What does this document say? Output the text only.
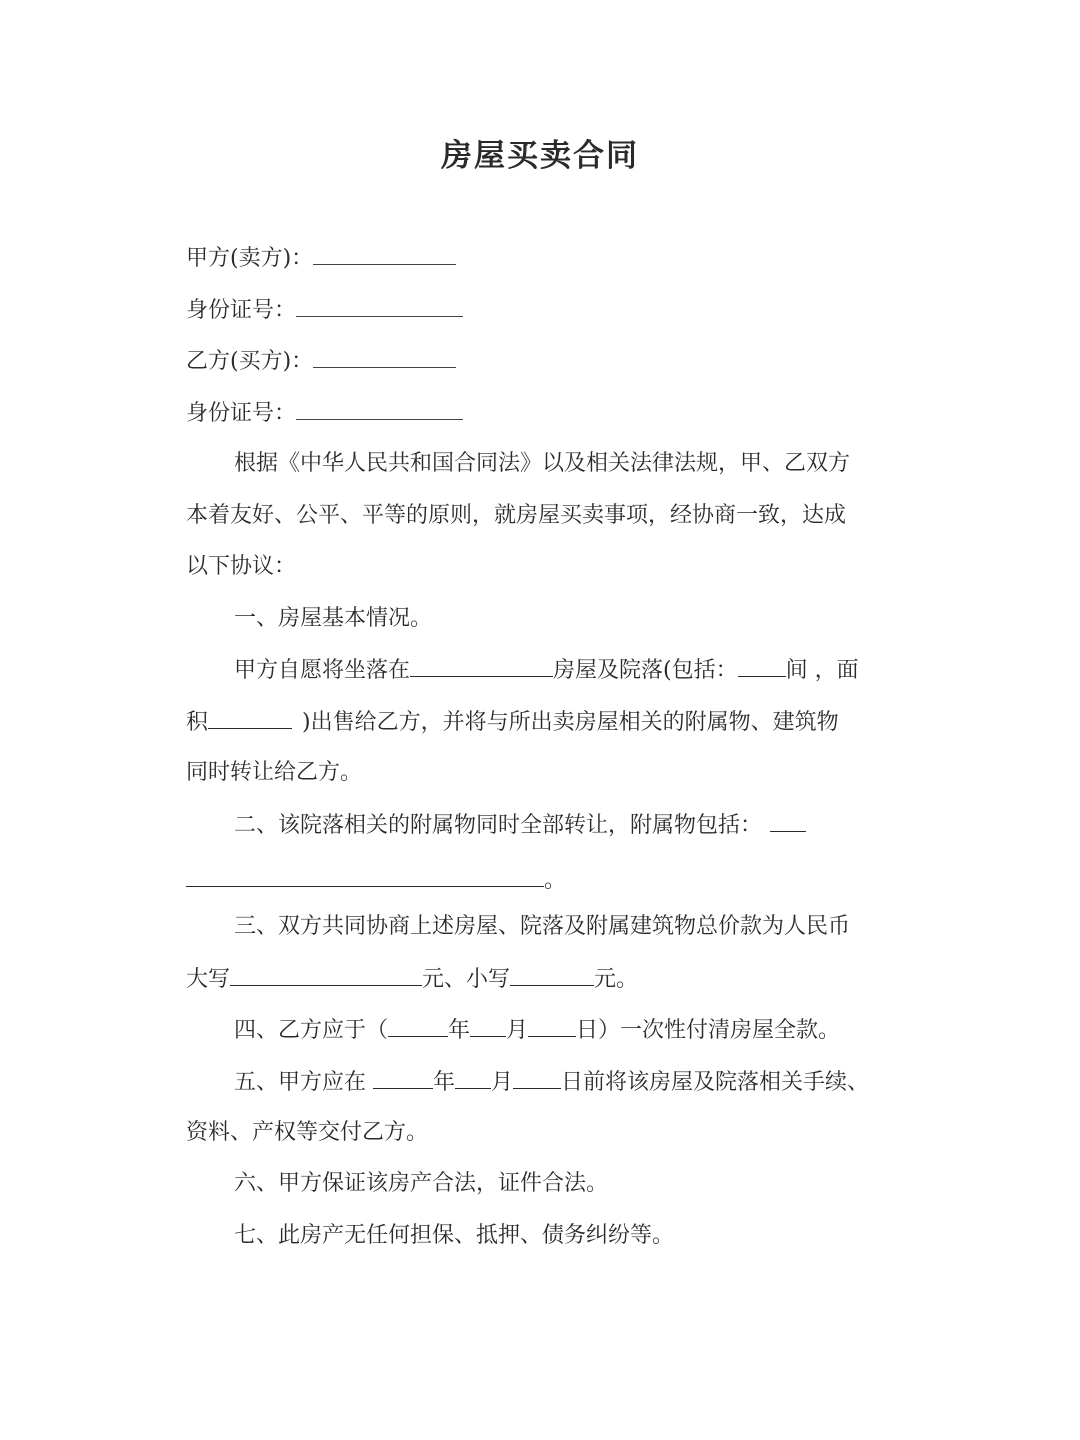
房屋买卖合同
甲方(卖方)：
身份证号：
乙方(买方)：
身份证号：
根据《中华人民共和国合同法》以及相关法律法规，甲、乙双方
本着友好、公平、平等的原则，就房屋买卖事项，经协商一致，达成
以下协议：
一、房屋基本情况。
甲方自愿将坐落在	房屋及院落(包括： 间 ，面
积	)出售给乙方，并将与所出卖房屋相关的附属物、建筑物
同时转让给乙方。
二、该院落相关的附属物同时全部转让，附属物包括：
。
三、双方共同协商上述房屋、院落及附属建筑物总价款为人民币
大写	元、小写	元。
四、乙方应于（	年 月 日）一次性付清房屋全款。
五、甲方应在	年 月 日前将该房屋及院落相关手续、
资料、产权等交付乙方。
六、甲方保证该房产合法，证件合法。
七、此房产无任何担保、抵押、债务纠纷等。
